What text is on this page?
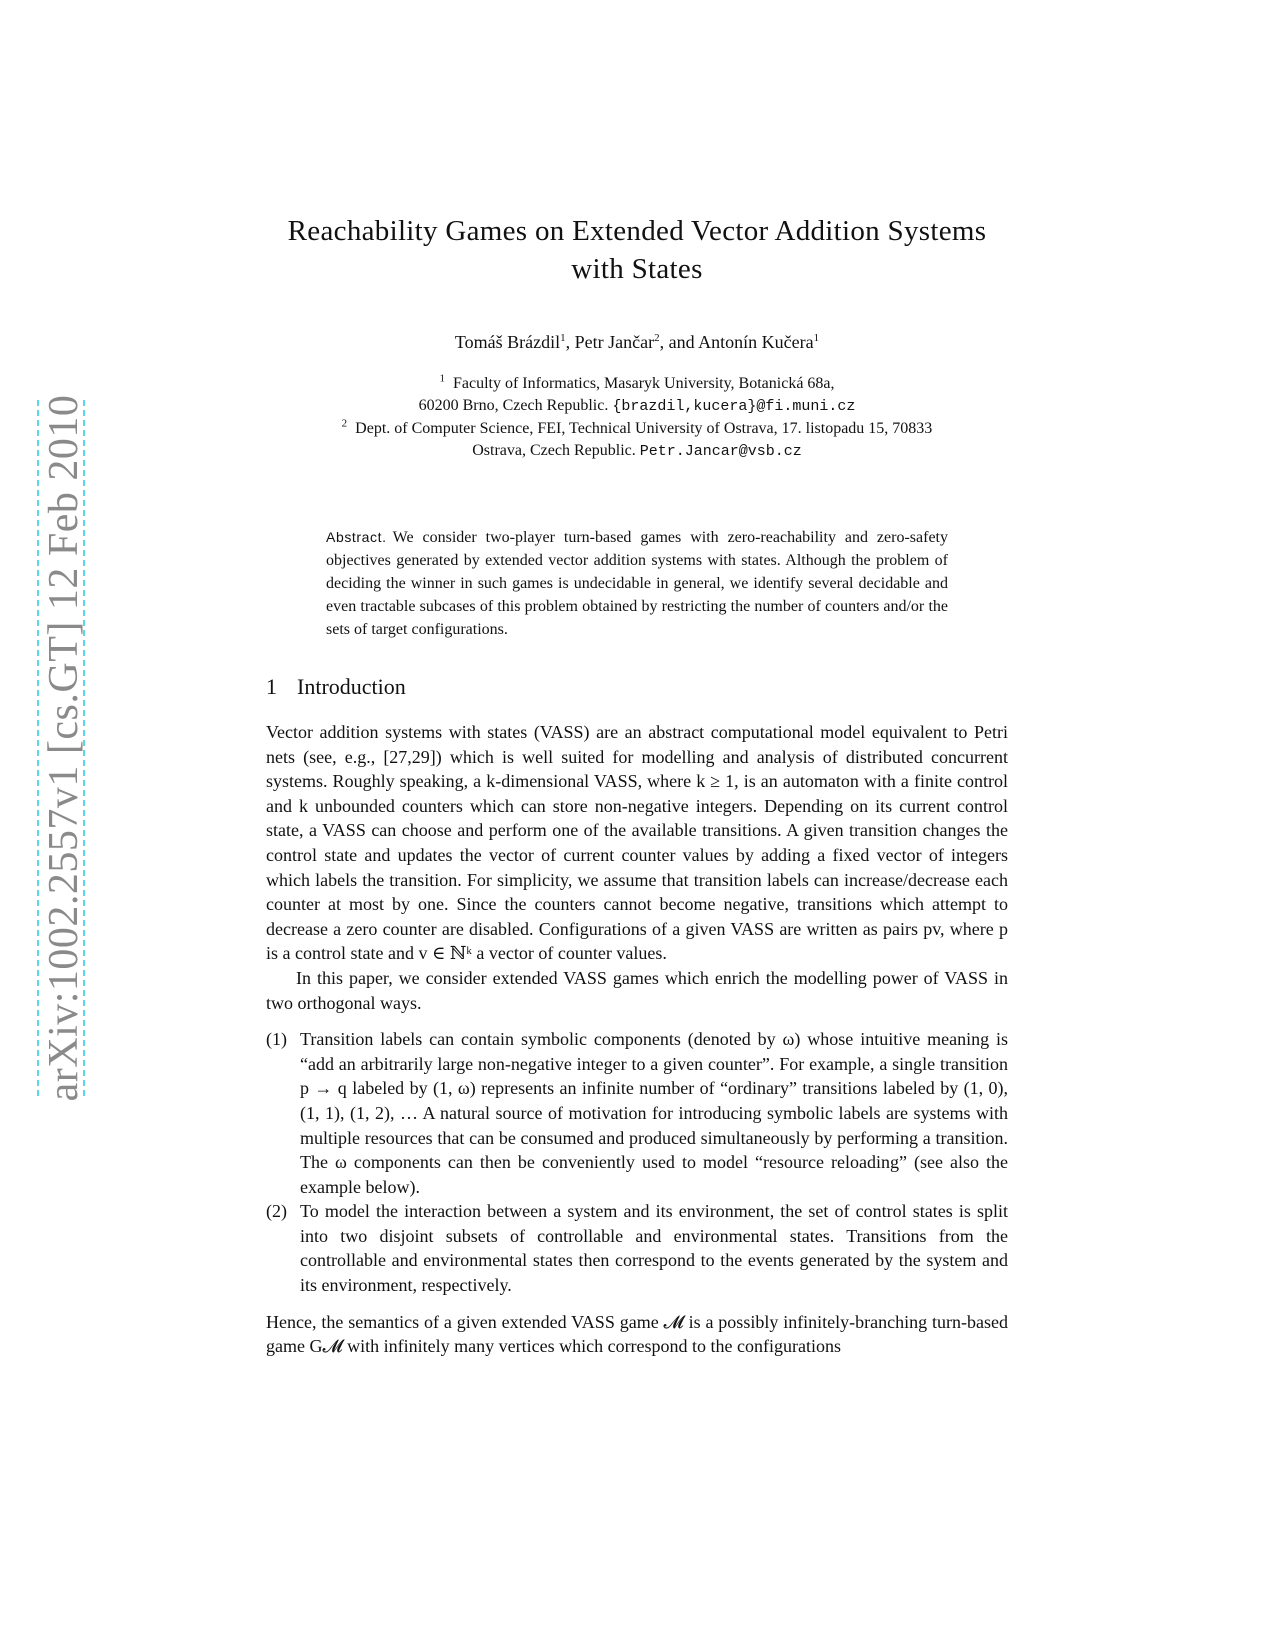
arXiv:1002.2557v1 [cs.GT] 12 Feb 2010
Reachability Games on Extended Vector Addition Systems
with States
Tomáš Brázdil$^1$, Petr Jančar$^2$, and Antonín Kučera$^1$
$^1$ Faculty of Informatics, Masaryk University, Botanická 68a,
60200 Brno, Czech Republic. {brazdil,kucera}@fi.muni.cz
$^2$ Dept. of Computer Science, FEI, Technical University of Ostrava, 17. listopadu 15, 70833
Ostrava, Czech Republic. Petr.Jancar@vsb.cz
Abstract. We consider two-player turn-based games with zero-reachability and zero-safety objectives generated by extended vector addition systems with states. Although the problem of deciding the winner in such games is undecidable in general, we identify several decidable and even tractable subcases of this problem obtained by restricting the number of counters and/or the sets of target configurations.
1 Introduction

Vector addition systems with states (VASS) are an abstract computational model equivalent to Petri nets (see, e.g., [27,29]) which is well suited for modelling and analysis of distributed concurrent systems. Roughly speaking, a k-dimensional VASS, where k ≥ 1, is an automaton with a finite control and k unbounded counters which can store non-negative integers. Depending on its current control state, a VASS can choose and perform one of the available transitions. A given transition changes the control state and updates the vector of current counter values by adding a fixed vector of integers which labels the transition. For simplicity, we assume that transition labels can increase/decrease each counter at most by one. Since the counters cannot become negative, transitions which attempt to decrease a zero counter are disabled. Configurations of a given VASS are written as pairs pv, where p is a control state and v ∈ ℕᵏ a vector of counter values.

In this paper, we consider extended VASS games which enrich the modelling power of VASS in two orthogonal ways.

(1) Transition labels can contain symbolic components (denoted by ω) whose intuitive meaning is “add an arbitrarily large non-negative integer to a given counter”. For example, a single transition p → q labeled by (1, ω) represents an infinite number of “ordinary” transitions labeled by (1, 0), (1, 1), (1, 2), … A natural source of motivation for introducing symbolic labels are systems with multiple resources that can be consumed and produced simultaneously by performing a transition. The ω components can then be conveniently used to model “resource reloading” (see also the example below).
(2) To model the interaction between a system and its environment, the set of control states is split into two disjoint subsets of controllable and environmental states. Transitions from the controllable and environmental states then correspond to the events generated by the system and its environment, respectively.

Hence, the semantics of a given extended VASS game 𝓜 is a possibly infinitely-branching turn-based game G𝓜 with infinitely many vertices which correspond to the configurations
